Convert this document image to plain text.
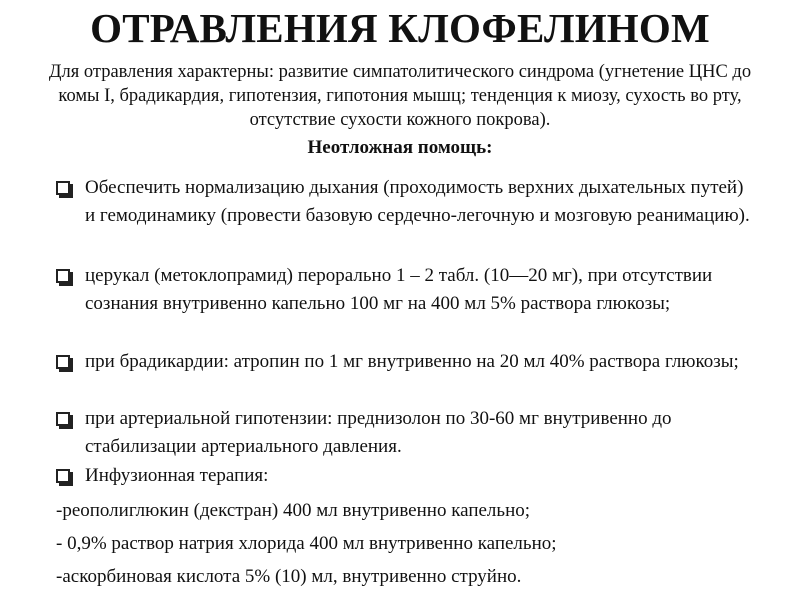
ОТРАВЛЕНИЯ КЛОФЕЛИНОМ

Для отравления характерны: развитие симпатолитического синдрома (угнетение ЦНС до комы I, брадикардия, гипотензия, гипотония мышц; тенденция к миозу, сухость во рту, отсутствие сухости кожного покрова).

Неотложная помощь:

Обеспечить нормализацию дыхания (проходимость верхних дыхательных путей) и гемодинамику (провести базовую сердечно-легочную и мозговую реанимацию).
церукал (метоклопрамид) перорально 1 – 2 табл. (10—20 мг), при отсутствии сознания внутривенно капельно 100 мг на 400 мл 5% раствора глюкозы;
при брадикардии: атропин по 1 мг внутривенно на 20 мл 40% раствора глюкозы;
при артериальной гипотензии: преднизолон по 30-60 мг внутривенно до стабилизации артериального давления.
Инфузионная терапия:

-реополиглюкин (декстран) 400 мл внутривенно капельно;

- 0,9% раствор натрия хлорида 400 мл внутривенно капельно;

-аскорбиновая кислота 5% (10) мл, внутривенно струйно.
